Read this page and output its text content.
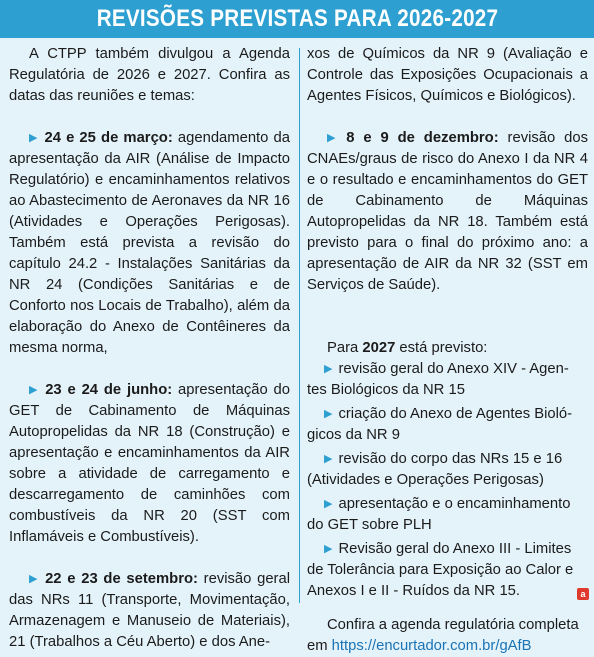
REVISÕES PREVISTAS PARA 2026-2027

A CTPP também divulgou a Agenda Regulatória de 2026 e 2027. Confira as datas das reuniões e temas:

▶ 24 e 25 de março: agendamento da apresentação da AIR (Análise de Impacto Regulatório) e encaminhamentos relativos ao Abastecimento de Aeronaves da NR 16 (Atividades e Operações Perigosas). Também está prevista a revisão do capítulo 24.2 - Instalações Sanitárias da NR 24 (Condições Sanitárias e de Conforto nos Locais de Trabalho), além da elaboração do Anexo de Contêineres da mesma norma,

▶ 23 e 24 de junho: apresentação do GET de Cabinamento de Máquinas Autopropelidas da NR 18 (Construção) e apresentação e encaminhamentos da AIR sobre a atividade de carregamento e descarregamento de caminhões com combustíveis da NR 20 (SST com Inflamáveis e Combustíveis).

▶ 22 e 23 de setembro: revisão geral das NRs 11 (Transporte, Movimentação, Armazenagem e Manuseio de Materiais), 21 (Trabalhos a Céu Aberto) e dos Ane-

xos de Químicos da NR 9 (Avaliação e Controle das Exposições Ocupacionais a Agentes Físicos, Químicos e Biológicos).

▶ 8 e 9 de dezembro: revisão dos CNAEs/graus de risco do Anexo I da NR 4 e o resultado e encaminhamentos do GET de Cabinamento de Máquinas Autopropelidas da NR 18. Também está previsto para o final do próximo ano: a apresentação de AIR da NR 32 (SST em Serviços de Saúde).

Para 2027 está previsto:

▶ revisão geral do Anexo XIV - Agen-
tes Biológicos da NR 15
▶ criação do Anexo de Agentes Bioló-
gicos da NR 9
▶ revisão do corpo das NRs 15 e 16
(Atividades e Operações Perigosas)
▶ apresentação e o encaminhamento
do GET sobre PLH
▶ Revisão geral do Anexo III - Limites
de Tolerância para Exposição ao Calor e Anexos I e II - Ruídos da NR 15.

Confira a agenda regulatória completa

em https://encurtador.com.br/gAfB

a
